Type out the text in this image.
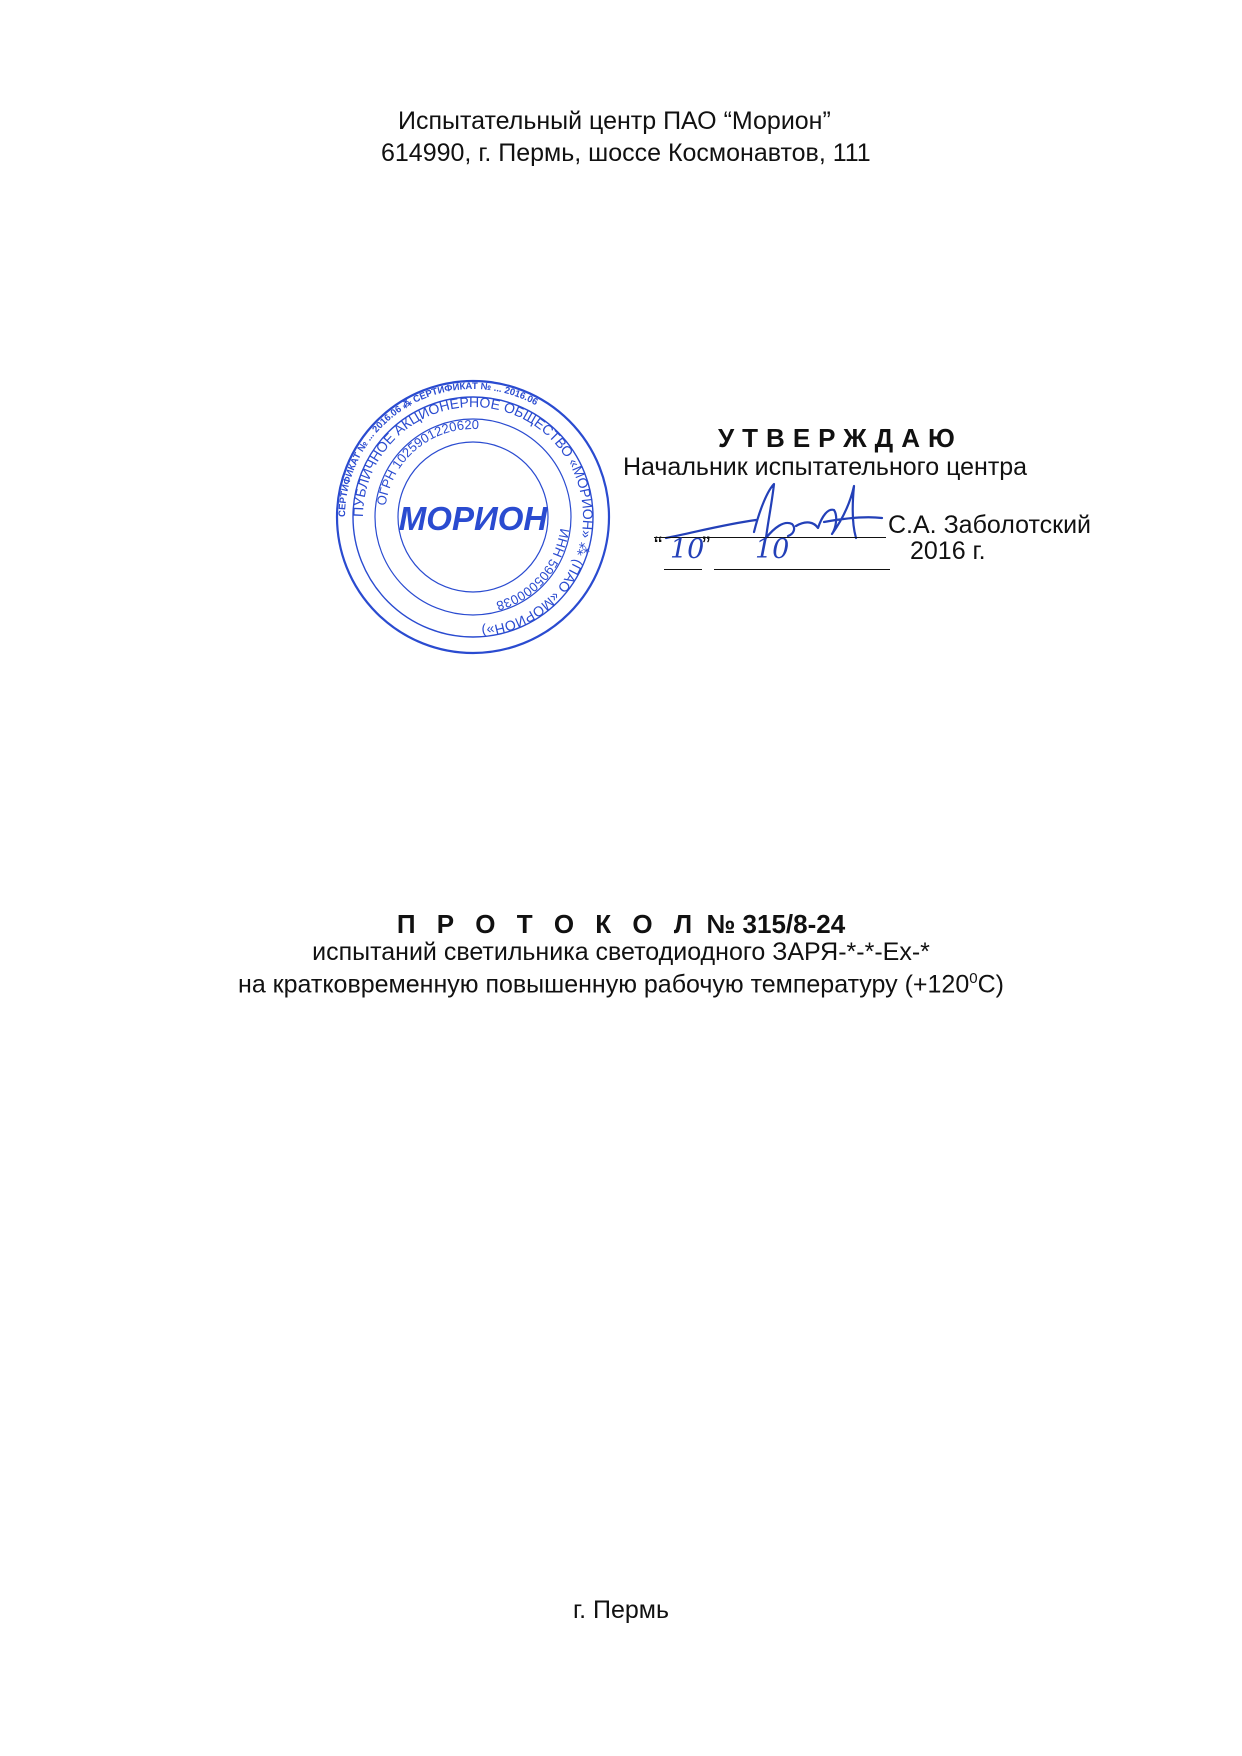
Испытательный центр ПАО “Морион”
614990, г. Пермь, шоссе Космонавтов, 111
СЕРТИФИКАТ № ... 2016.06 ⁂ СЕРТИФИКАТ № ... 2016.06
ПУБЛИЧНОЕ АКЦИОНЕРНОЕ ОБЩЕСТВО «МОРИОН» ⁂ (ПАО «МОРИОН»)
ОГРН 1025901220620
ИНН 5905000038
МОРИОН
УТВЕРЖДАЮ
Начальник испытательного центра
С.А. Заболотский
“ 10
” 10	2016 г.
П Р О Т О К О Л № 315/8-24
испытаний светильника светодиодного ЗАРЯ-*-*-Ех-*
на кратковременную повышенную рабочую температуру $(+120^0С)$
г. Пермь
